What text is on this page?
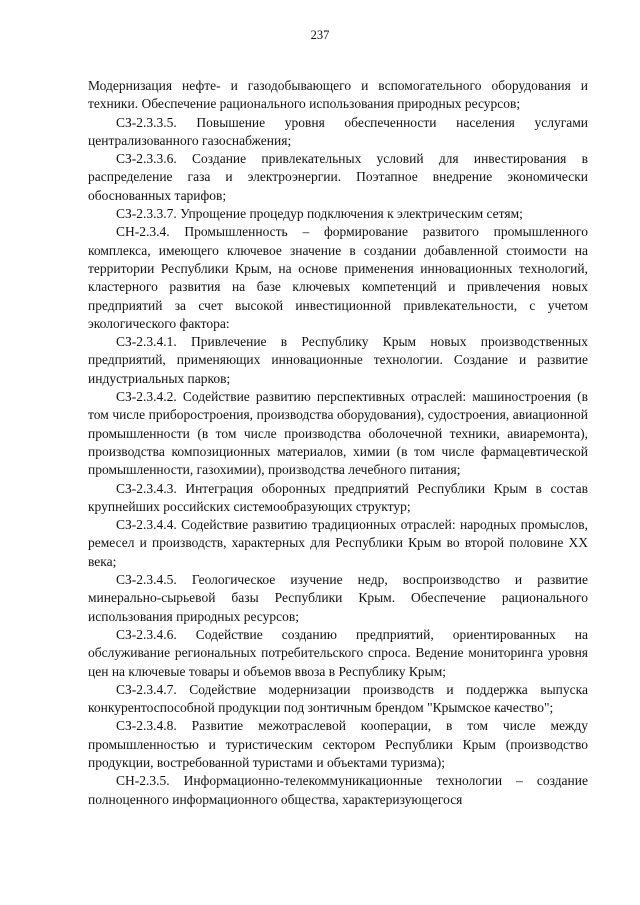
237

Модернизация нефте- и газодобывающего и вспомогательного оборудования и техники. Обеспечение рационального использования природных ресурсов;

СЗ-2.3.3.5. Повышение уровня обеспеченности населения услугами централизованного газоснабжения;

СЗ-2.3.3.6. Создание привлекательных условий для инвестирования в распределение газа и электроэнергии. Поэтапное внедрение экономически обоснованных тарифов;

СЗ-2.3.3.7. Упрощение процедур подключения к электрическим сетям;

СН-2.3.4. Промышленность – формирование развитого промышленного комплекса, имеющего ключевое значение в создании добавленной стоимости на территории Республики Крым, на основе применения инновационных технологий, кластерного развития на базе ключевых компетенций и привлечения новых предприятий за счет высокой инвестиционной привлекательности, с учетом экологического фактора:

СЗ-2.3.4.1. Привлечение в Республику Крым новых производственных предприятий, применяющих инновационные технологии. Создание и развитие индустриальных парков;

СЗ-2.3.4.2. Содействие развитию перспективных отраслей: машиностроения (в том числе приборостроения, производства оборудования), судостроения, авиационной промышленности (в том числе производства оболочечной техники, авиаремонта), производства композиционных материалов, химии (в том числе фармацевтической промышленности, газохимии), производства лечебного питания;

СЗ-2.3.4.3. Интеграция оборонных предприятий Республики Крым в состав крупнейших российских системообразующих структур;

СЗ-2.3.4.4. Содействие развитию традиционных отраслей: народных промыслов, ремесел и производств, характерных для Республики Крым во второй половине XX века;

СЗ-2.3.4.5. Геологическое изучение недр, воспроизводство и развитие минерально-сырьевой базы Республики Крым. Обеспечение рационального использования природных ресурсов;

СЗ-2.3.4.6. Содействие созданию предприятий, ориентированных на обслуживание региональных потребительского спроса. Ведение мониторинга уровня цен на ключевые товары и объемов ввоза в Республику Крым;

СЗ-2.3.4.7. Содействие модернизации производств и поддержка выпуска конкурентоспособной продукции под зонтичным брендом "Крымское качество";

СЗ-2.3.4.8. Развитие межотраслевой кооперации, в том числе между промышленностью и туристическим сектором Республики Крым (производство продукции, востребованной туристами и объектами туризма);

СН-2.3.5. Информационно-телекоммуникационные технологии – создание полноценного информационного общества, характеризующегося
